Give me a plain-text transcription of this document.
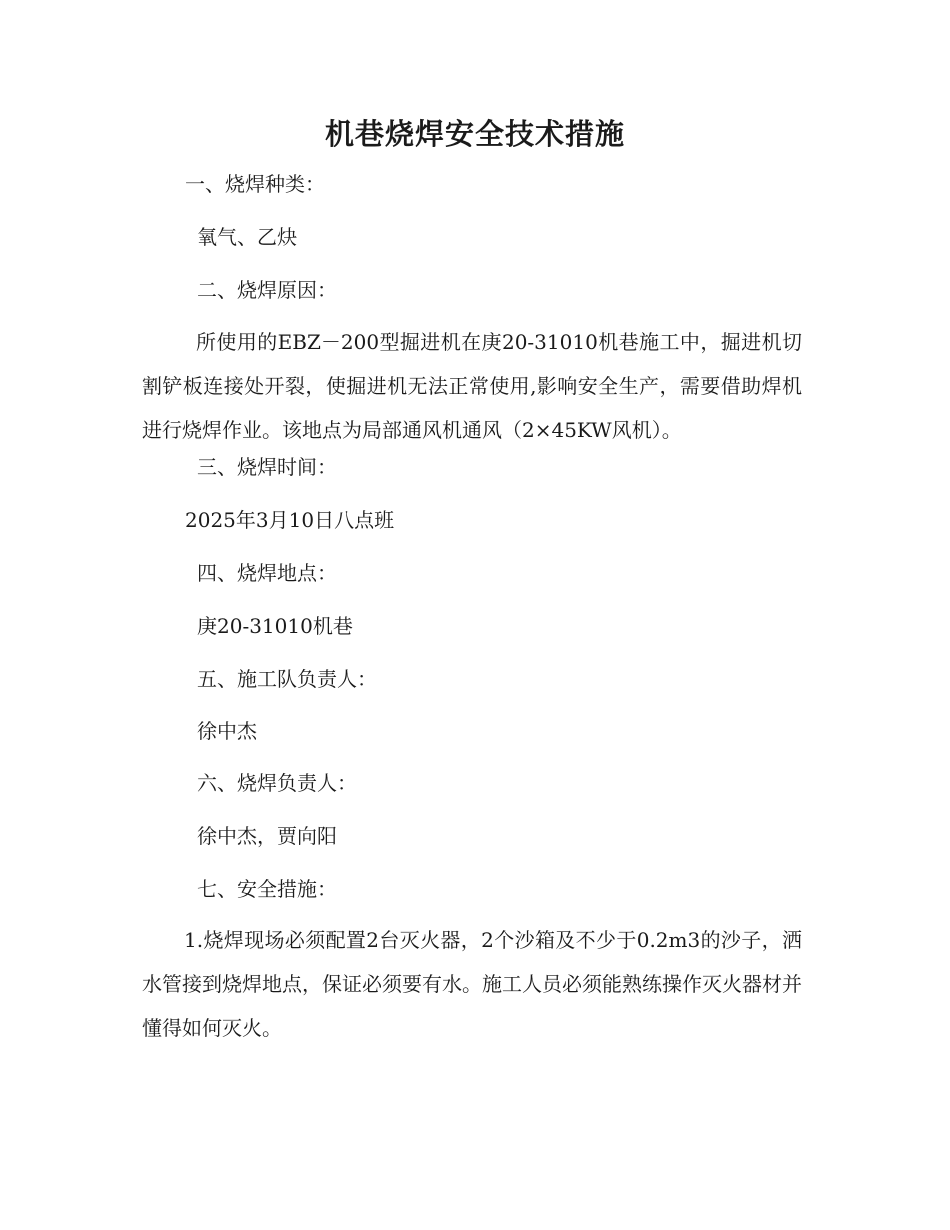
机巷烧焊安全技术措施
一、烧焊种类：
氧气、乙炔
二、烧焊原因：
所使用的EBZ－200型掘进机在庚20-31010机巷施工中，掘进机切割铲板连接处开裂，使掘进机无法正常使用,影响安全生产，需要借助焊机进行烧焊作业。该地点为局部通风机通风（2×45KW风机）。
三、烧焊时间：
2025年3月10日八点班
四、烧焊地点：
庚20-31010机巷
五、施工队负责人：
徐中杰
六、烧焊负责人：
徐中杰，贾向阳
七、安全措施：
1.烧焊现场必须配置2台灭火器，2个沙箱及不少于0.2m3的沙子，洒水管接到烧焊地点，保证必须要有水。施工人员必须能熟练操作灭火器材并懂得如何灭火。
